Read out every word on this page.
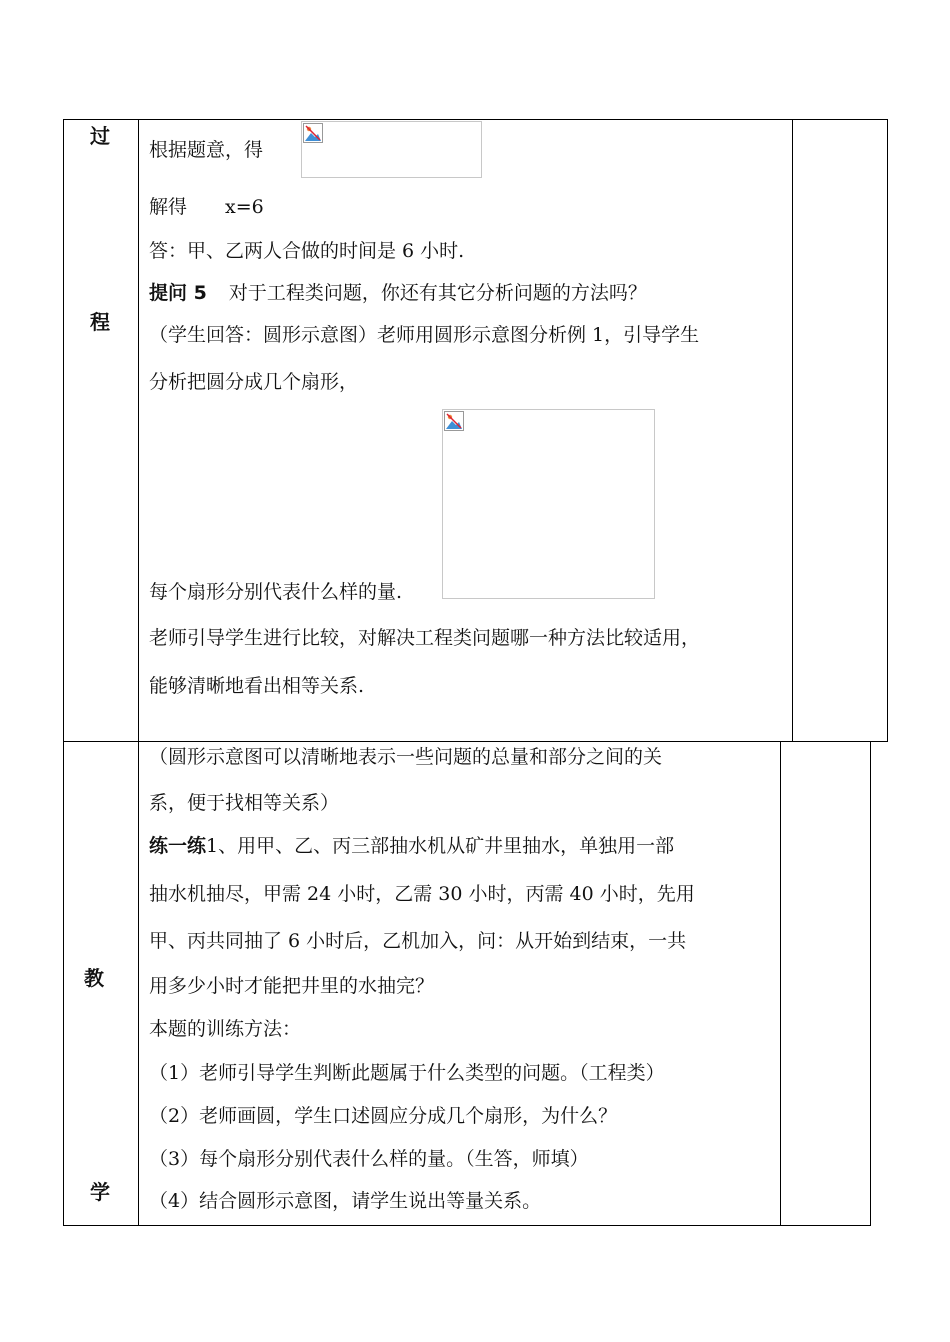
过
程
教
学
根据题意，得
解得 x=6
答：甲、乙两人合做的时间是 6 小时.
提问 5 对于工程类问题，你还有其它分析问题的方法吗？
（学生回答：圆形示意图）老师用圆形示意图分析例 1，引导学生
分析把圆分成几个扇形，
每个扇形分别代表什么样的量.
老师引导学生进行比较，对解决工程类问题哪一种方法比较适用，
能够清晰地看出相等关系.
（圆形示意图可以清晰地表示一些问题的总量和部分之间的关
系，便于找相等关系）
练一练1、用甲、乙、丙三部抽水机从矿井里抽水，单独用一部
抽水机抽尽，甲需 24 小时，乙需 30 小时，丙需 40 小时，先用
甲、丙共同抽了 6 小时后，乙机加入，问：从开始到结束，一共
用多少小时才能把井里的水抽完？
本题的训练方法：
（1）老师引导学生判断此题属于什么类型的问题。（工程类）
（2）老师画圆，学生口述圆应分成几个扇形，为什么？
（3）每个扇形分别代表什么样的量。（生答，师填）
（4）结合圆形示意图，请学生说出等量关系。
